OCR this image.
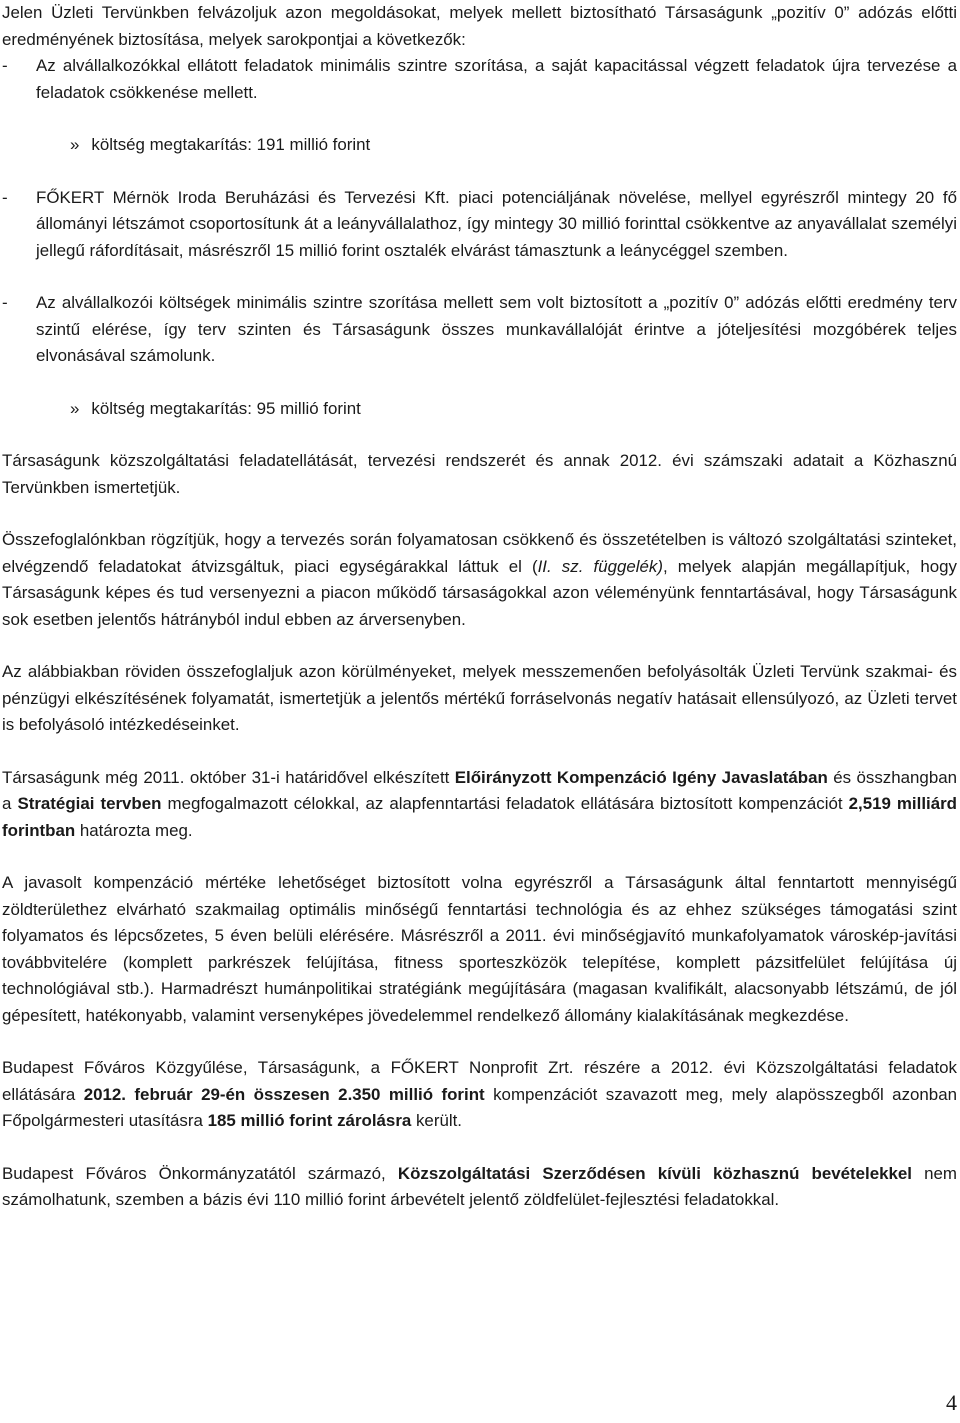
Jelen Üzleti Tervünkben felvázoljuk azon megoldásokat, melyek mellett biztosítható Társaságunk „pozitív 0” adózás előtti eredményének biztosítása, melyek sarokpontjai a következők:

- Az alvállalkozókkal ellátott feladatok minimális szintre szorítása, a saját kapacitással végzett feladatok újra tervezése a feladatok csökkenése mellett.
» költség megtakarítás: 191 millió forint
- FŐKERT Mérnök Iroda Beruházási és Tervezési Kft. piaci potenciáljának növelése, mellyel egyrészről mintegy 20 fő állományi létszámot csoportosítunk át a leányvállalathoz, így mintegy 30 millió forinttal csökkentve az anyavállalat személyi jellegű ráfordításait, másrészről 15 millió forint osztalék elvárást támasztunk a leánycéggel szemben.
- Az alvállalkozói költségek minimális szintre szorítása mellett sem volt biztosított a „pozitív 0” adózás előtti eredmény terv szintű elérése, így terv szinten és Társaságunk összes munkavállalóját érintve a jóteljesítési mozgóbérek teljes elvonásával számolunk.
» költség megtakarítás: 95 millió forint

Társaságunk közszolgáltatási feladatellátását, tervezési rendszerét és annak 2012. évi számszaki adatait a Közhasznú Tervünkben ismertetjük.

Összefoglalónkban rögzítjük, hogy a tervezés során folyamatosan csökkenő és összetételben is változó szolgáltatási szinteket, elvégzendő feladatokat átvizsgáltuk, piaci egységárakkal láttuk el (II. sz. függelék), melyek alapján megállapítjuk, hogy Társaságunk képes és tud versenyezni a piacon működő társaságokkal azon véleményünk fenntartásával, hogy Társaságunk sok esetben jelentős hátrányból indul ebben az árversenyben.

Az alábbiakban röviden összefoglaljuk azon körülményeket, melyek messzemenően befolyásolták Üzleti Tervünk szakmai- és pénzügyi elkészítésének folyamatát, ismertetjük a jelentős mértékű forráselvonás negatív hatásait ellensúlyozó, az Üzleti tervet is befolyásoló intézkedéseinket.

Társaságunk még 2011. október 31-i határidővel elkészített Előirányzott Kompenzáció Igény Javaslatában és összhangban a Stratégiai tervben megfogalmazott célokkal, az alapfenntartási feladatok ellátására biztosított kompenzációt 2,519 milliárd forintban határozta meg.

A javasolt kompenzáció mértéke lehetőséget biztosított volna egyrészről a Társaságunk által fenntartott mennyiségű zöldterülethez elvárható szakmailag optimális minőségű fenntartási technológia és az ehhez szükséges támogatási szint folyamatos és lépcsőzetes, 5 éven belüli elérésére. Másrészről a 2011. évi minőségjavító munkafolyamatok városkép-javítási továbbvitelére (komplett parkrészek felújítása, fitness sporteszközök telepítése, komplett pázsitfelület felújítása új technológiával stb.). Harmadrészt humánpolitikai stratégiánk megújítására (magasan kvalifikált, alacsonyabb létszámú, de jól gépesített, hatékonyabb, valamint versenyképes jövedelemmel rendelkező állomány kialakításának megkezdése.

Budapest Főváros Közgyűlése, Társaságunk, a FŐKERT Nonprofit Zrt. részére a 2012. évi Közszolgáltatási feladatok ellátására 2012. február 29-én összesen 2.350 millió forint kompenzációt szavazott meg, mely alapösszegből azonban Főpolgármesteri utasításra 185 millió forint zárolásra került.

Budapest Főváros Önkormányzatától származó, Közszolgáltatási Szerződésen kívüli közhasznú bevételekkel nem számolhatunk, szemben a bázis évi 110 millió forint árbevételt jelentő zöldfelület-fejlesztési feladatokkal.

4
